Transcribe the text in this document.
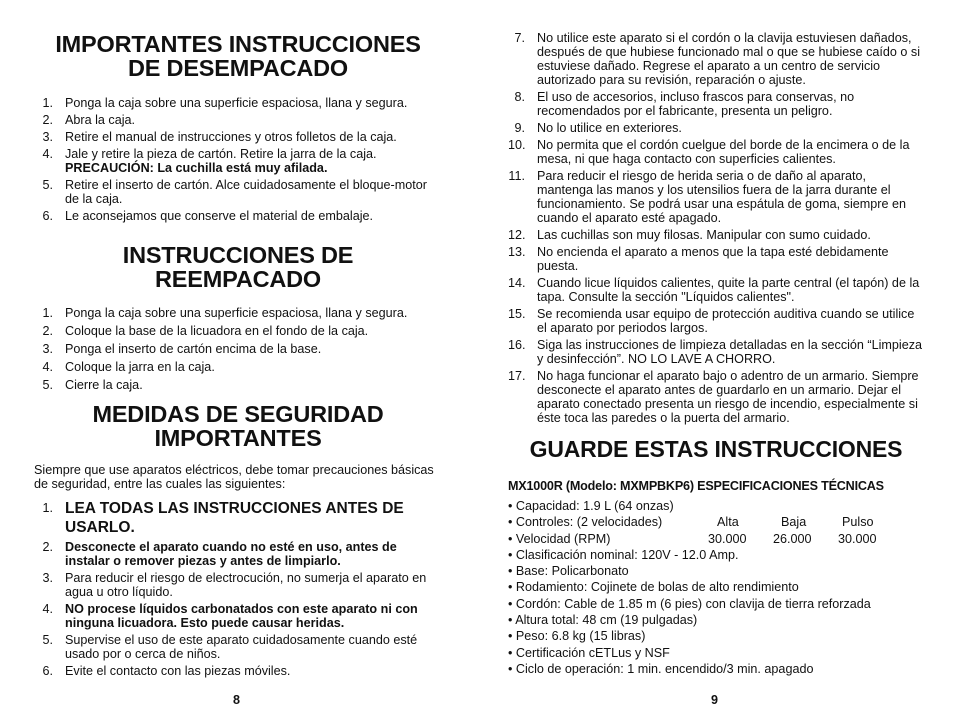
IMPORTANTES INSTRUCCIONES
DE DESEMPACADO
1. Ponga la caja sobre una superficie espaciosa, llana y segura.
2. Abra la caja.
3. Retire el manual de instrucciones y otros folletos de la caja.
4. Jale y retire la pieza de cartón. Retire la jarra de la caja.
PRECAUCIÓN: La cuchilla está muy afilada.
5. Retire el inserto de cartón. Alce cuidadosamente el bloque-motor de la caja.
6. Le aconsejamos que conserve el material de embalaje.
INSTRUCCIONES DE
REEMPACADO
1. Ponga la caja sobre una superficie espaciosa, llana y segura.
2. Coloque la base de la licuadora en el fondo de la caja.
3. Ponga el inserto de cartón encima de la base.
4. Coloque la jarra en la caja.
5. Cierre la caja.
MEDIDAS DE SEGURIDAD
IMPORTANTES

Siempre que use aparatos eléctricos, debe tomar precauciones básicas de seguridad, entre las cuales las siguientes:

1. LEA TODAS LAS INSTRUCCIONES ANTES DE USARLO.
2. Desconecte el aparato cuando no esté en uso, antes de instalar o remover piezas y antes de limpiarlo.
3. Para reducir el riesgo de electrocución, no sumerja el aparato en agua u otro líquido.
4. NO procese líquidos carbonatados con este aparato ni con ninguna licuadora. Esto puede causar heridas.
5. Supervise el uso de este aparato cuidadosamente cuando esté usado por o cerca de niños.
6. Evite el contacto con las piezas móviles.
8
7. No utilice este aparato si el cordón o la clavija estuviesen dañados, después de que hubiese funcionado mal o que se hubiese caído o si estuviese dañado. Regrese el aparato a un centro de servicio autorizado para su revisión, reparación o ajuste.
8. El uso de accesorios, incluso frascos para conservas, no recomendados por el fabricante, presenta un peligro.
9. No lo utilice en exteriores.
10. No permita que el cordón cuelgue del borde de la encimera o de la mesa, ni que haga contacto con superficies calientes.
11. Para reducir el riesgo de herida seria o de daño al aparato, mantenga las manos y los utensilios fuera de la jarra durante el funcionamiento. Se podrá usar una espátula de goma, siempre en cuando el aparato esté apagado.
12. Las cuchillas son muy filosas. Manipular con sumo cuidado.
13. No encienda el aparato a menos que la tapa esté debidamente puesta.
14. Cuando licue líquidos calientes, quite la parte central (el tapón) de la tapa. Consulte la sección "Líquidos calientes".
15. Se recomienda usar equipo de protección auditiva cuando se utilice el aparato por periodos largos.
16. Siga las instrucciones de limpieza detalladas en la sección “Limpieza y desinfección”. NO LO LAVE A CHORRO.
17. No haga funcionar el aparato bajo o adentro de un armario. Siempre desconecte el aparato antes de guardarlo en un armario. Dejar el aparato conectado presenta un riesgo de incendio, especialmente si éste toca las paredes o la puerta del armario.
GUARDE ESTAS INSTRUCCIONES
MX1000R (Modelo: MXMPBKP6) ESPECIFICACIONES TÉCNICAS
• Capacidad: 1.9 L (64 onzas)
• Controles: (2 velocidades)	Alta	Baja	Pulso
• Velocidad (RPM)	30.000 26.000 30.000
• Clasificación nominal: 120V - 12.0 Amp.
• Base: Policarbonato
• Rodamiento: Cojinete de bolas de alto rendimiento
• Cordón: Cable de 1.85 m (6 pies) con clavija de tierra reforzada
• Altura total: 48 cm (19 pulgadas)
• Peso: 6.8 kg (15 libras)
• Certificación cETLus y NSF
• Ciclo de operación: 1 min. encendido/3 min. apagado
9
